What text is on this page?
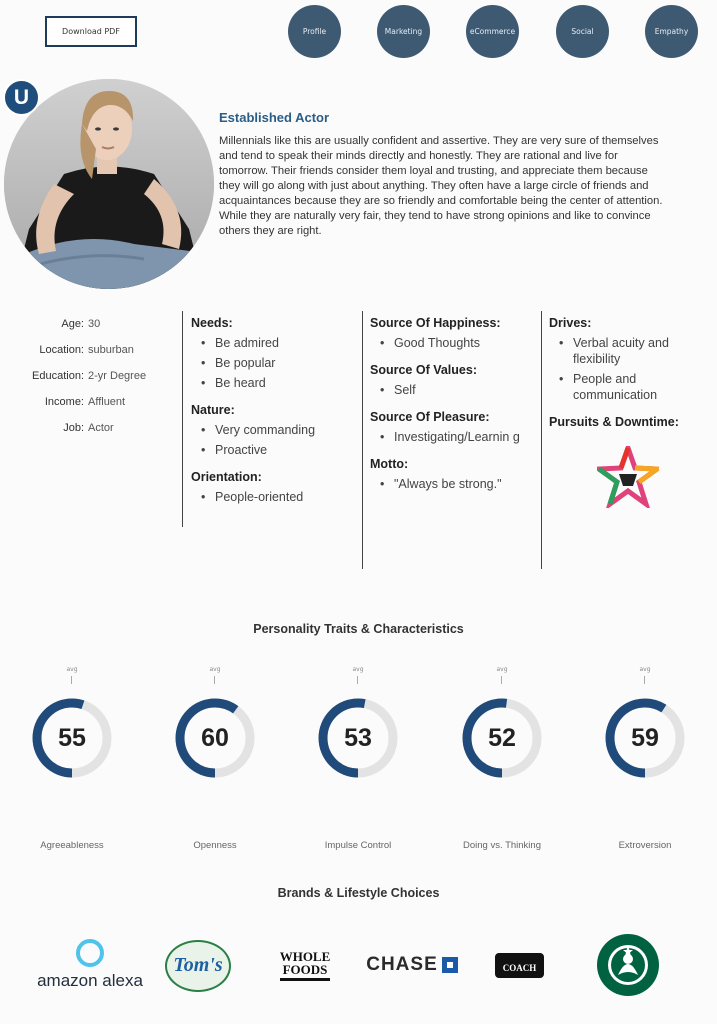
Download PDF	Profile	Marketing	eCommerce	Social	Empathy
U
Established Actor
Millennials like this are usually confident and assertive. They are very sure of themselves and tend to speak their minds directly and honestly. They are rational and live for tomorrow. Their friends consider them loyal and trusting, and appreciate them because they will go along with just about anything. They often have a large circle of friends and acquaintances because they are so friendly and comfortable being the center of attention. While they are naturally very fair, they tend to have strong opinions and like to convince others they are right.
Age: 30
Location: suburban
Education: 2-yr Degree
Income: Affluent
Job: Actor
Needs:
• Be admired
• Be popular
• Be heard
Nature:
• Very commanding
• Proactive
Orientation:
• People-oriented
Source Of Happiness:
• Good Thoughts
Source Of Values:
• Self
Source Of Pleasure:
• Investigating/Learnin g
Motto:
• "Always be strong."
Drives:
• Verbal acuity and flexibility
• People and communication
Pursuits & Downtime:
Personality Traits & Characteristics
avg
55
Agreeableness
avg
60
Openness
avg
53
Impulse Control
avg
52
Doing vs. Thinking
avg
59
Extroversion
Brands & Lifestyle Choices
amazon alexa
Tom's	WHOLE
FOODS CHASE	COACH
